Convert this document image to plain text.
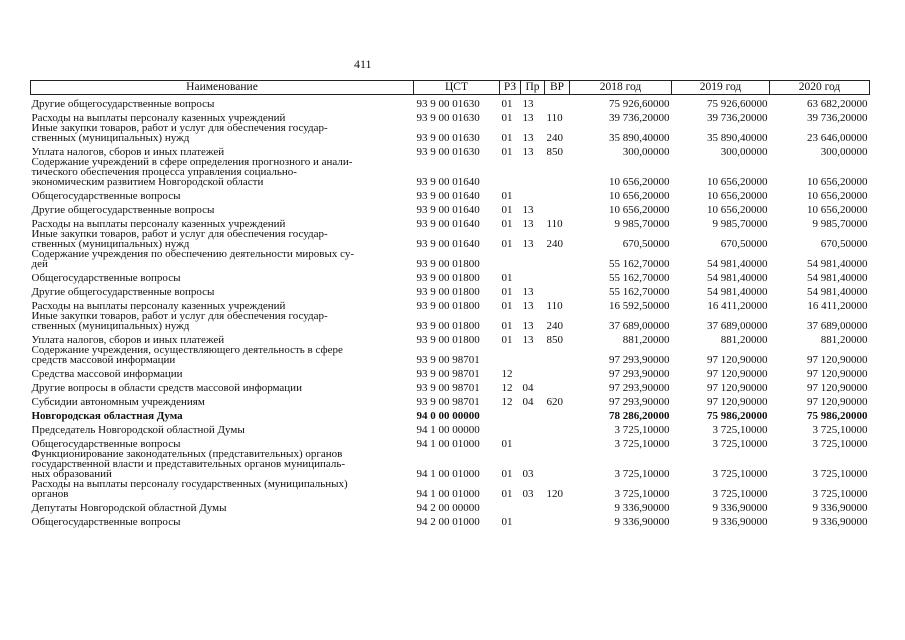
411
Наименование	ЦСТ	РЗ	Пр	ВР	2018 год	2019 год	2020 год

Другие общегосударственные вопросы	93 9 00 01630	01	13		75 926,60000	75 926,60000	63 682,20000

Расходы на выплаты персоналу казенных учреждений	93 9 00 01630	01	13	110	39 736,20000	39 736,20000	39 736,20000

Иные закупки товаров, работ и услуг для обеспечения государ-
ственных (муниципальных) нужд	93 9 00 01630	01	13	240	35 890,40000	35 890,40000	23 646,00000

Уплата налогов, сборов и иных платежей	93 9 00 01630	01	13	850	300,00000	300,00000	300,00000

Содержание учреждений в сфере определения прогнозного и анали-
тического обеспечения процесса управления социально-
экономическим развитием Новгородской области	93 9 00 01640				10 656,20000	10 656,20000	10 656,20000

Общегосударственные вопросы	93 9 00 01640	01			10 656,20000	10 656,20000	10 656,20000

Другие общегосударственные вопросы	93 9 00 01640	01	13		10 656,20000	10 656,20000	10 656,20000

Расходы на выплаты персоналу казенных учреждений	93 9 00 01640	01	13	110	9 985,70000	9 985,70000	9 985,70000

Иные закупки товаров, работ и услуг для обеспечения государ-
ственных (муниципальных) нужд	93 9 00 01640	01	13	240	670,50000	670,50000	670,50000

Содержание учреждения по обеспечению деятельности мировых су-
дей	93 9 00 01800				55 162,70000	54 981,40000	54 981,40000

Общегосударственные вопросы	93 9 00 01800	01			55 162,70000	54 981,40000	54 981,40000

Другие общегосударственные вопросы	93 9 00 01800	01	13		55 162,70000	54 981,40000	54 981,40000

Расходы на выплаты персоналу казенных учреждений	93 9 00 01800	01	13	110	16 592,50000	16 411,20000	16 411,20000

Иные закупки товаров, работ и услуг для обеспечения государ-
ственных (муниципальных) нужд	93 9 00 01800	01	13	240	37 689,00000	37 689,00000	37 689,00000

Уплата налогов, сборов и иных платежей	93 9 00 01800	01	13	850	881,20000	881,20000	881,20000

Содержание учреждения, осуществляющего деятельность в сфере
средств массовой информации	93 9 00 98701				97 293,90000	97 120,90000	97 120,90000

Средства массовой информации	93 9 00 98701	12			97 293,90000	97 120,90000	97 120,90000

Другие вопросы в области средств массовой информации	93 9 00 98701	12	04		97 293,90000	97 120,90000	97 120,90000

Субсидии автономным учреждениям	93 9 00 98701	12	04	620	97 293,90000	97 120,90000	97 120,90000

Новгородская областная Дума	94 0 00 00000				78 286,20000	75 986,20000	75 986,20000

Председатель Новгородской областной Думы	94 1 00 00000				3 725,10000	3 725,10000	3 725,10000

Общегосударственные вопросы	94 1 00 01000	01			3 725,10000	3 725,10000	3 725,10000

Функционирование законодательных (представительных) органов
государственной власти и представительных органов муниципаль-
ных образований	94 1 00 01000	01	03		3 725,10000	3 725,10000	3 725,10000

Расходы на выплаты персоналу государственных (муниципальных)
органов	94 1 00 01000	01	03	120	3 725,10000	3 725,10000	3 725,10000

Депутаты Новгородской областной Думы	94 2 00 00000				9 336,90000	9 336,90000	9 336,90000

Общегосударственные вопросы	94 2 00 01000	01			9 336,90000	9 336,90000	9 336,90000
